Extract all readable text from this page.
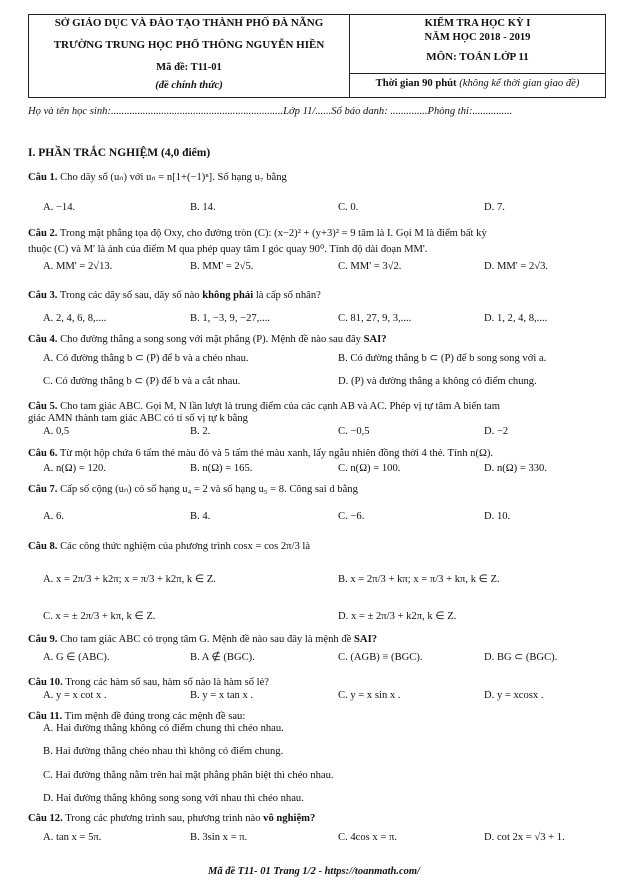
SỞ GIÁO DỤC VÀ ĐÀO TẠO THÀNH PHỐ ĐÀ NẴNG
TRƯỜNG TRUNG HỌC PHỔ THÔNG NGUYỄN HIỀN
Mã đề: T11-01
(đề chính thức)
KIỂM TRA HỌC KỲ I
NĂM HỌC 2018 - 2019
MÔN: TOÁN LỚP 11
Thời gian 90 phút (không kể thời gian giao đề)
Họ và tên học sinh:.................................................................Lớp 11/......Số báo danh: ..............Phòng thi:...............
I. PHẦN TRẮC NGHIỆM (4,0 điểm)
Câu 1. Cho dãy số (uₙ) với uₙ = n[1+(−1)ⁿ]. Số hạng u₇ bằng
A. −14.	B. 14.	C. 0.	D. 7.
Câu 2. Trong mặt phẳng tọa độ Oxy, cho đường tròn (C): (x−2)² + (y+3)² = 9 tâm là I. Gọi M là điểm bất kỳ
thuộc (C) và M' là ảnh của điểm M qua phép quay tâm I góc quay 90⁰. Tính độ dài đoạn MM'.
A. MM' = 2√13.	B. MM' = 2√5.	C. MM' = 3√2.	D. MM' = 2√3.
Câu 3. Trong các dãy số sau, dãy số nào không phải là cấp số nhân?
A. 2, 4, 6, 8,....	B. 1, −3, 9, −27,....	C. 81, 27, 9, 3,....	D. 1, 2, 4, 8,....
Câu 4. Cho đường thẳng a song song với mặt phẳng (P). Mệnh đề nào sau đây SAI?
A. Có đường thẳng b ⊂ (P) để b và a chéo nhau.	B. Có đường thẳng b ⊂ (P) để b song song với a.
C. Có đường thẳng b ⊂ (P) để b và a cắt nhau.	D. (P) và đường thẳng a không có điểm chung.
Câu 5. Cho tam giác ABC. Gọi M, N lần lượt là trung điểm của các cạnh AB và AC. Phép vị tự tâm A biến tam
giác AMN thành tam giác ABC có tỉ số vị tự k bằng
A. 0,5	B. 2.	C. −0,5	D. −2
Câu 6. Từ một hộp chứa 6 tấm thẻ màu đỏ và 5 tấm thẻ màu xanh, lấy ngẫu nhiên đồng thời 4 thẻ. Tính n(Ω).
A. n(Ω) = 120.	B. n(Ω) = 165.	C. n(Ω) = 100.	D. n(Ω) = 330.
Câu 7. Cấp số cộng (uₙ) có số hạng u₄ = 2 và số hạng u₅ = 8. Công sai d bằng
A. 6.	B. 4.	C. −6.	D. 10.
Câu 8. Các công thức nghiệm của phương trình cosx = cos 2π/3 là
A. x = 2π/3 + k2π; x = π/3 + k2π, k ∈ Z.	B. x = 2π/3 + kπ; x = π/3 + kπ, k ∈ Z.
C. x = ± 2π/3 + kπ, k ∈ Z.	D. x = ± 2π/3 + k2π, k ∈ Z.
Câu 9. Cho tam giác ABC có trọng tâm G. Mệnh đề nào sau đây là mệnh đề SAI?
A. G ∈ (ABC).	B. A ∉ (BGC).	C. (AGB) ≡ (BGC).	D. BG ⊂ (BGC).
Câu 10. Trong các hàm số sau, hàm số nào là hàm số lẻ?
A. y = x cot x .	B. y = x tan x .	C. y = x sin x .	D. y = xcosx .
Câu 11. Tìm mệnh đề đúng trong các mệnh đề sau:
A. Hai đường thẳng không có điểm chung thì chéo nhau.
B. Hai đường thẳng chéo nhau thì không có điểm chung.
C. Hai đường thẳng nằm trên hai mặt phẳng phân biệt thì chéo nhau.
D. Hai đường thẳng không song song với nhau thì chéo nhau.
Câu 12. Trong các phương trình sau, phương trình nào vô nghiệm?
A. tan x = 5π.	B. 3sin x = π.	C. 4cos x = π.	D. cot 2x = √3 + 1.
Mã đề T11- 01 Trang 1/2 - https://toanmath.com/
